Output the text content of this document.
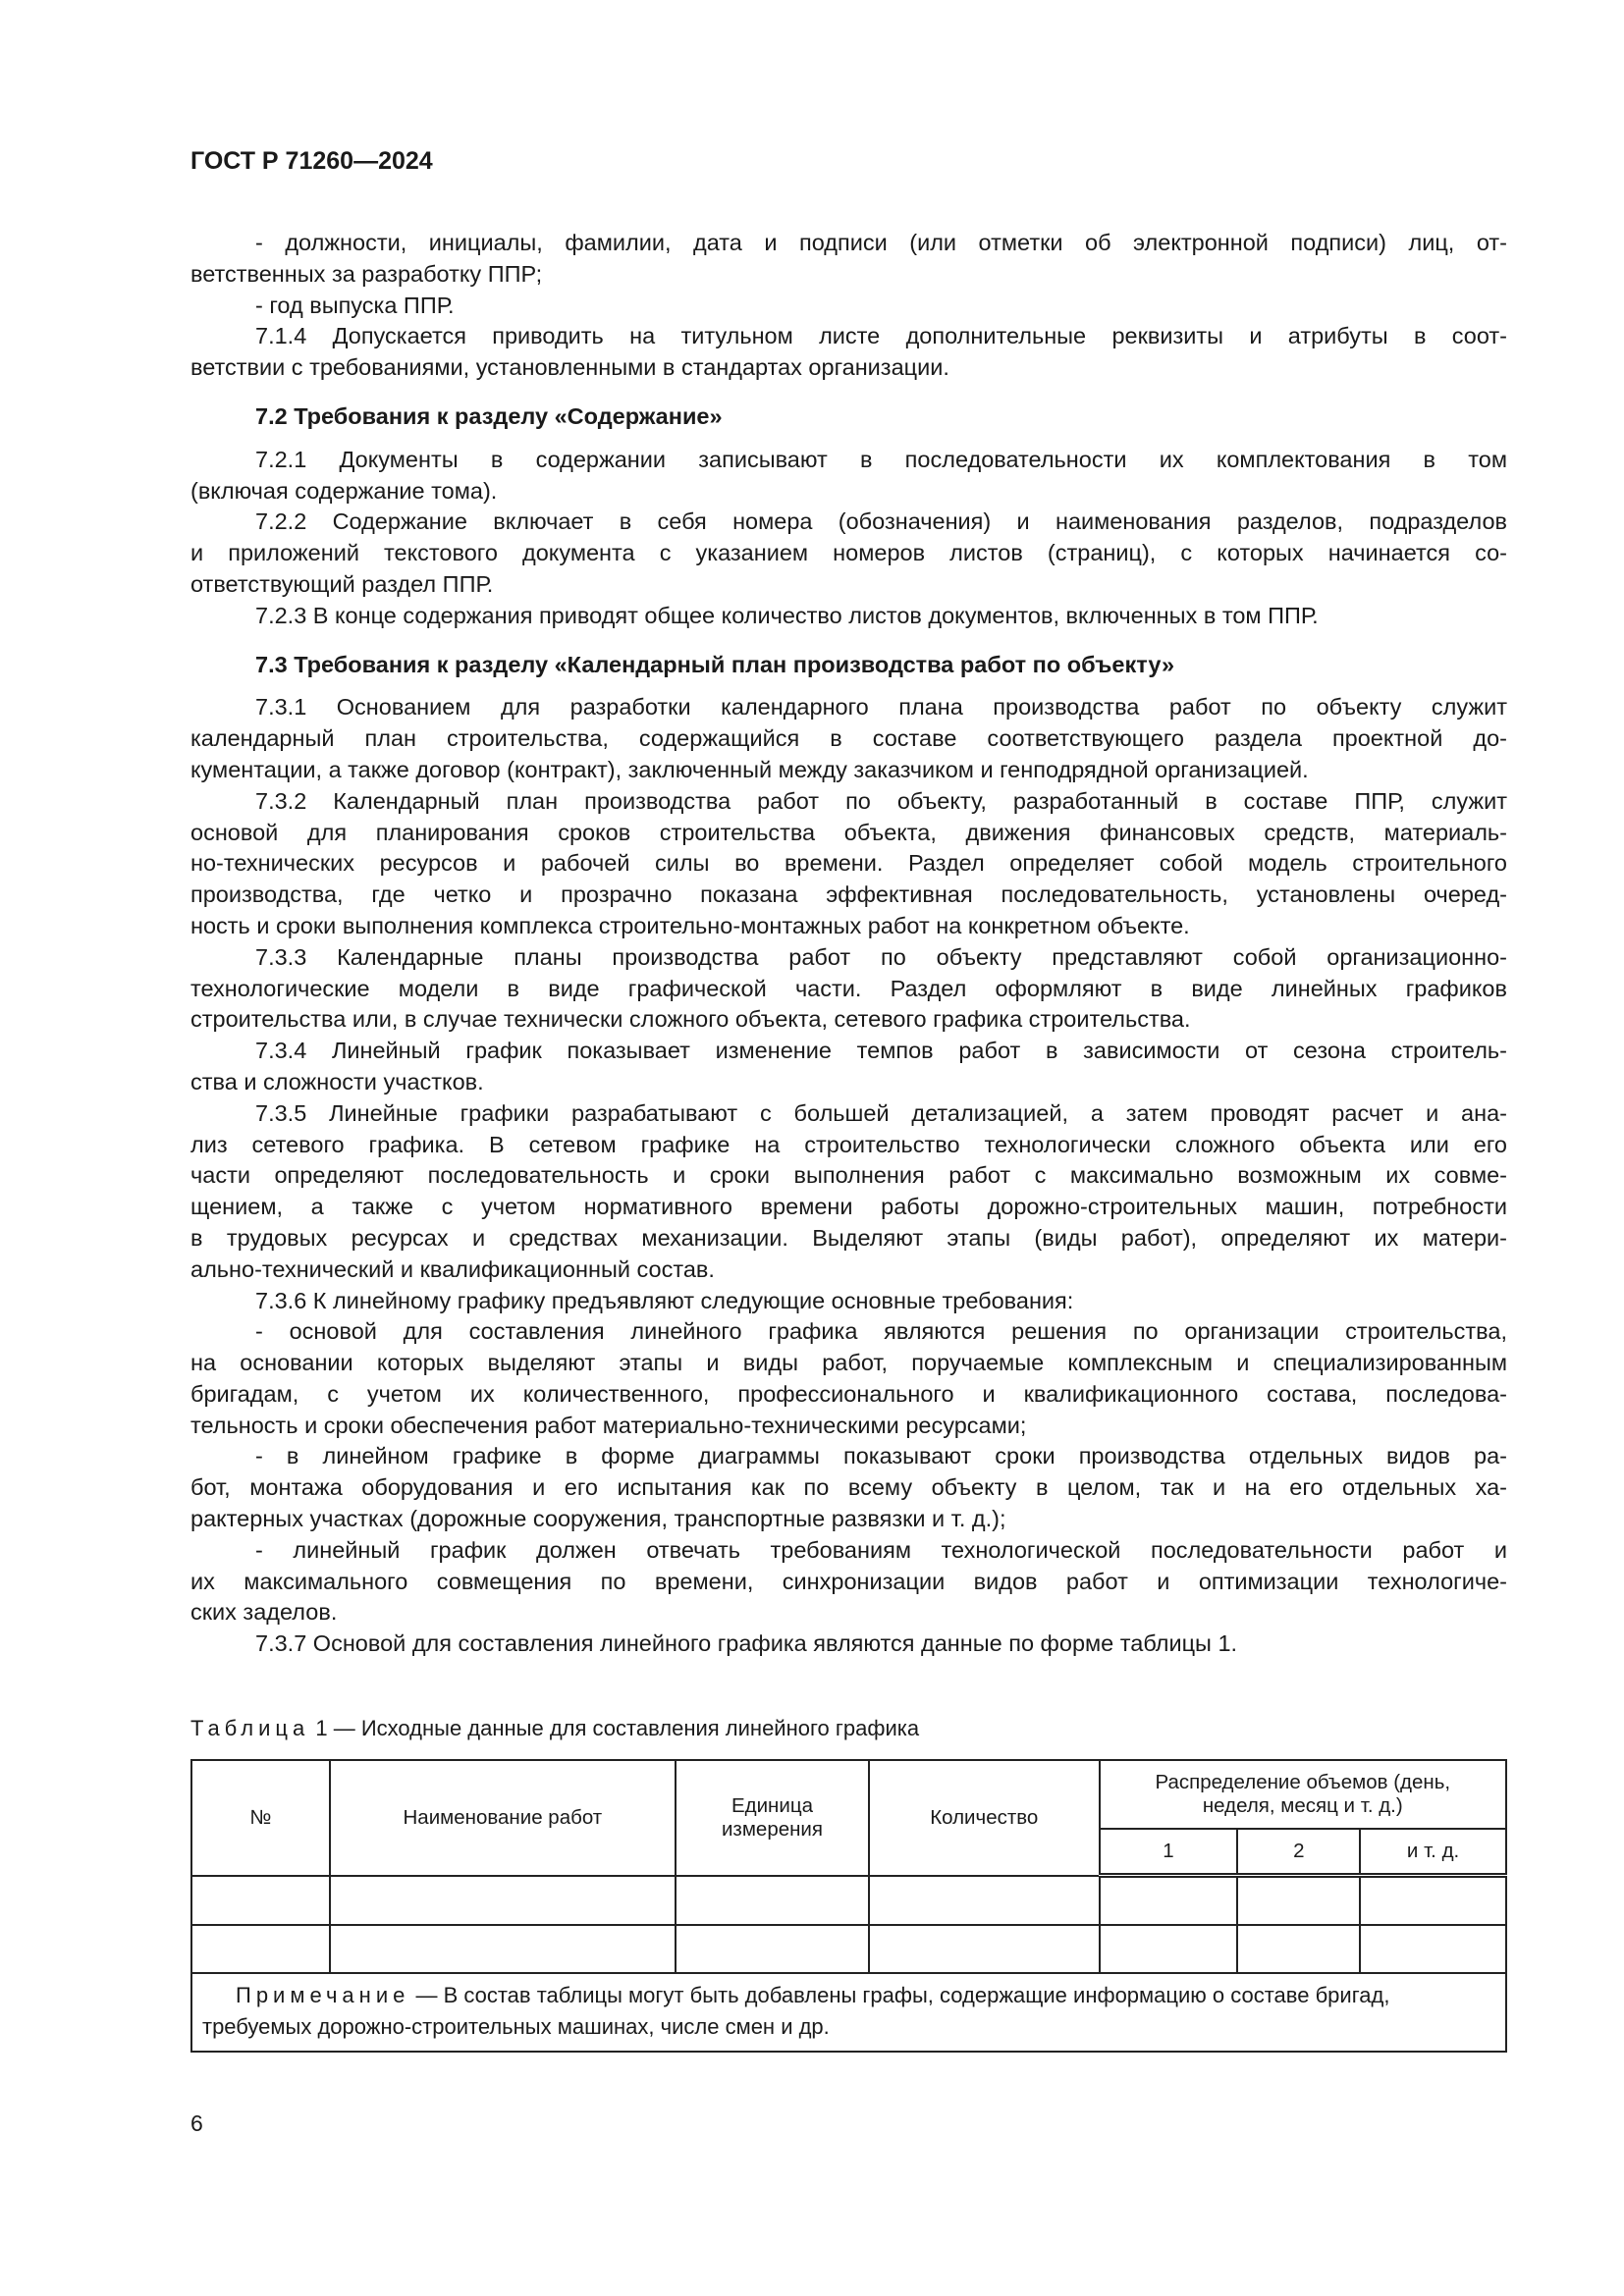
ГОСТ Р 71260—2024
- должности, инициалы, фамилии, дата и подписи (или отметки об электронной подписи) лиц, от-
ветственных за разработку ППР;
- год выпуска ППР.
7.1.4 Допускается приводить на титульном листе дополнительные реквизиты и атрибуты в соот-
ветствии с требованиями, установленными в стандартах организации.
7.2 Требования к разделу «Содержание»
7.2.1 Документы в содержании записывают в последовательности их комплектования в том
(включая содержание тома).
7.2.2 Содержание включает в себя номера (обозначения) и наименования разделов, подразделов
и приложений текстового документа с указанием номеров листов (страниц), с которых начинается со-
ответствующий раздел ППР.
7.2.3 В конце содержания приводят общее количество листов документов, включенных в том ППР.
7.3 Требования к разделу «Календарный план производства работ по объекту»
7.3.1 Основанием для разработки календарного плана производства работ по объекту служит
календарный план строительства, содержащийся в составе соответствующего раздела проектной до-
кументации, а также договор (контракт), заключенный между заказчиком и генподрядной организацией.
7.3.2 Календарный план производства работ по объекту, разработанный в составе ППР, служит
основой для планирования сроков строительства объекта, движения финансовых средств, материаль-
но-технических ресурсов и рабочей силы во времени. Раздел определяет собой модель строительного
производства, где четко и прозрачно показана эффективная последовательность, установлены очеред-
ность и сроки выполнения комплекса строительно-монтажных работ на конкретном объекте.
7.3.3 Календарные планы производства работ по объекту представляют собой организационно-
технологические модели в виде графической части. Раздел оформляют в виде линейных графиков
строительства или, в случае технически сложного объекта, сетевого графика строительства.
7.3.4 Линейный график показывает изменение темпов работ в зависимости от сезона строитель-
ства и сложности участков.
7.3.5 Линейные графики разрабатывают с большей детализацией, а затем проводят расчет и ана-
лиз сетевого графика. В сетевом графике на строительство технологически сложного объекта или его
части определяют последовательность и сроки выполнения работ с максимально возможным их совме-
щением, а также с учетом нормативного времени работы дорожно-строительных машин, потребности
в трудовых ресурсах и средствах механизации. Выделяют этапы (виды работ), определяют их матери-
ально-технический и квалификационный состав.
7.3.6 К линейному графику предъявляют следующие основные требования:
- основой для составления линейного графика являются решения по организации строительства,
на основании которых выделяют этапы и виды работ, поручаемые комплексным и специализированным
бригадам, с учетом их количественного, профессионального и квалификационного состава, последова-
тельность и сроки обеспечения работ материально-техническими ресурсами;
- в линейном графике в форме диаграммы показывают сроки производства отдельных видов ра-
бот, монтажа оборудования и его испытания как по всему объекту в целом, так и на его отдельных ха-
рактерных участках (дорожные сооружения, транспортные развязки и т. д.);
- линейный график должен отвечать требованиям технологической последовательности работ и
их максимального совмещения по времени, синхронизации видов работ и оптимизации технологиче-
ских заделов.
7.3.7 Основой для составления линейного графика являются данные по форме таблицы 1.
Таблица 1 — Исходные данные для составления линейного графика
№	Наименование работ	Единица измерения	Количество	Распределение объемов (день, неделя, месяц и т. д.)		
				1	2	и т. д.

Примечание — В состав таблицы могут быть добавлены графы, содержащие информацию о составе бригад, требуемых дорожно-строительных машинах, числе смен и др.						
6
